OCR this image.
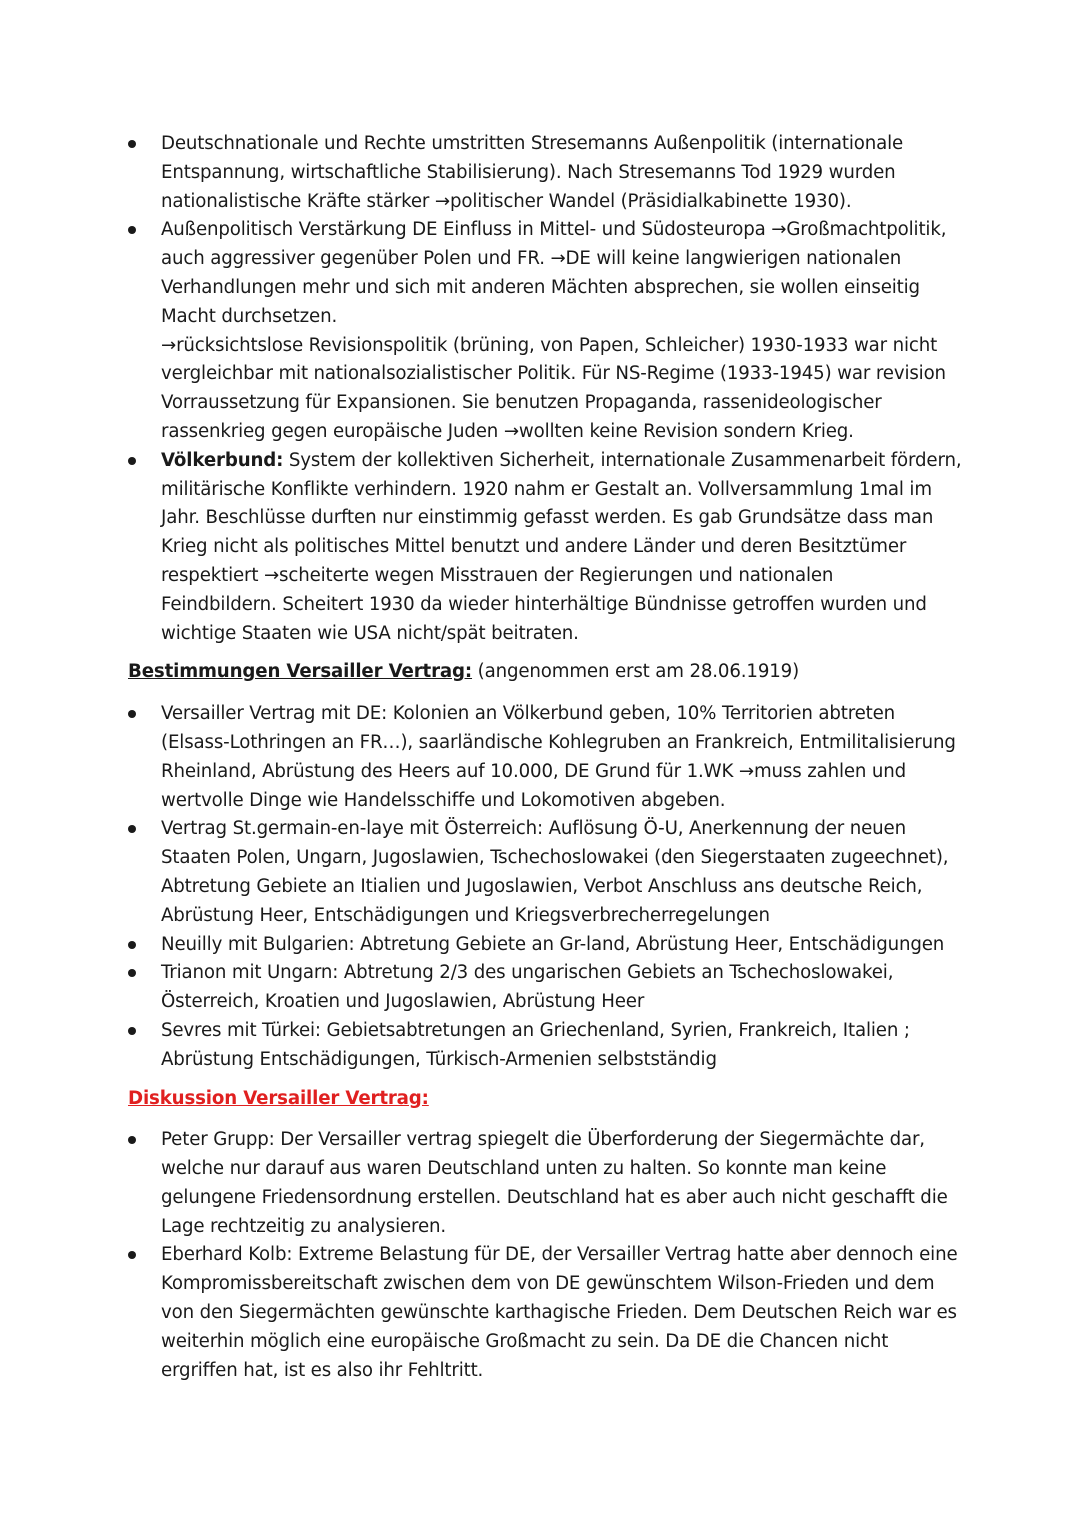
Deutschnationale und Rechte umstritten Stresemanns Außenpolitik (internationale
Entspannung, wirtschaftliche Stabilisierung). Nach Stresemanns Tod 1929 wurden
nationalistische Kräfte stärker →politischer Wandel (Präsidialkabinette 1930).
Außenpolitisch Verstärkung DE Einfluss in Mittel- und Südosteuropa →Großmachtpolitik,
auch aggressiver gegenüber Polen und FR. →DE will keine langwierigen nationalen
Verhandlungen mehr und sich mit anderen Mächten absprechen, sie wollen einseitig
Macht durchsetzen.
→rücksichtslose Revisionspolitik (brüning, von Papen, Schleicher) 1930-1933 war nicht
vergleichbar mit nationalsozialistischer Politik. Für NS-Regime (1933-1945) war revision
Vorraussetzung für Expansionen. Sie benutzen Propaganda, rassenideologischer
rassenkrieg gegen europäische Juden →wollten keine Revision sondern Krieg.
Völkerbund: System der kollektiven Sicherheit, internationale Zusammenarbeit fördern,
militärische Konflikte verhindern. 1920 nahm er Gestalt an. Vollversammlung 1mal im
Jahr. Beschlüsse durften nur einstimmig gefasst werden. Es gab Grundsätze dass man
Krieg nicht als politisches Mittel benutzt und andere Länder und deren Besitztümer
respektiert →scheiterte wegen Misstrauen der Regierungen und nationalen
Feindbildern. Scheitert 1930 da wieder hinterhältige Bündnisse getroffen wurden und
wichtige Staaten wie USA nicht/spät beitraten.
Bestimmungen Versailler Vertrag: (angenommen erst am 28.06.1919)
Versailler Vertrag mit DE: Kolonien an Völkerbund geben, 10% Territorien abtreten
(Elsass-Lothringen an FR…), saarländische Kohlegruben an Frankreich, Entmilitalisierung
Rheinland, Abrüstung des Heers auf 10.000, DE Grund für 1.WK →muss zahlen und
wertvolle Dinge wie Handelsschiffe und Lokomotiven abgeben.
Vertrag St.germain-en-laye mit Österreich: Auflösung Ö-U, Anerkennung der neuen
Staaten Polen, Ungarn, Jugoslawien, Tschechoslowakei (den Siegerstaaten zugeechnet),
Abtretung Gebiete an Itialien und Jugoslawien, Verbot Anschluss ans deutsche Reich,
Abrüstung Heer, Entschädigungen und Kriegsverbrecherregelungen
Neuilly mit Bulgarien: Abtretung Gebiete an Gr-land, Abrüstung Heer, Entschädigungen
Trianon mit Ungarn: Abtretung 2/3 des ungarischen Gebiets an Tschechoslowakei,
Österreich, Kroatien und Jugoslawien, Abrüstung Heer
Sevres mit Türkei: Gebietsabtretungen an Griechenland, Syrien, Frankreich, Italien ;
Abrüstung Entschädigungen, Türkisch-Armenien selbstständig
Diskussion Versailler Vertrag:
Peter Grupp: Der Versailler vertrag spiegelt die Überforderung der Siegermächte dar,
welche nur darauf aus waren Deutschland unten zu halten. So konnte man keine
gelungene Friedensordnung erstellen. Deutschland hat es aber auch nicht geschafft die
Lage rechtzeitig zu analysieren.
Eberhard Kolb: Extreme Belastung für DE, der Versailler Vertrag hatte aber dennoch eine
Kompromissbereitschaft zwischen dem von DE gewünschtem Wilson-Frieden und dem
von den Siegermächten gewünschte karthagische Frieden. Dem Deutschen Reich war es
weiterhin möglich eine europäische Großmacht zu sein. Da DE die Chancen nicht
ergriffen hat, ist es also ihr Fehltritt.
